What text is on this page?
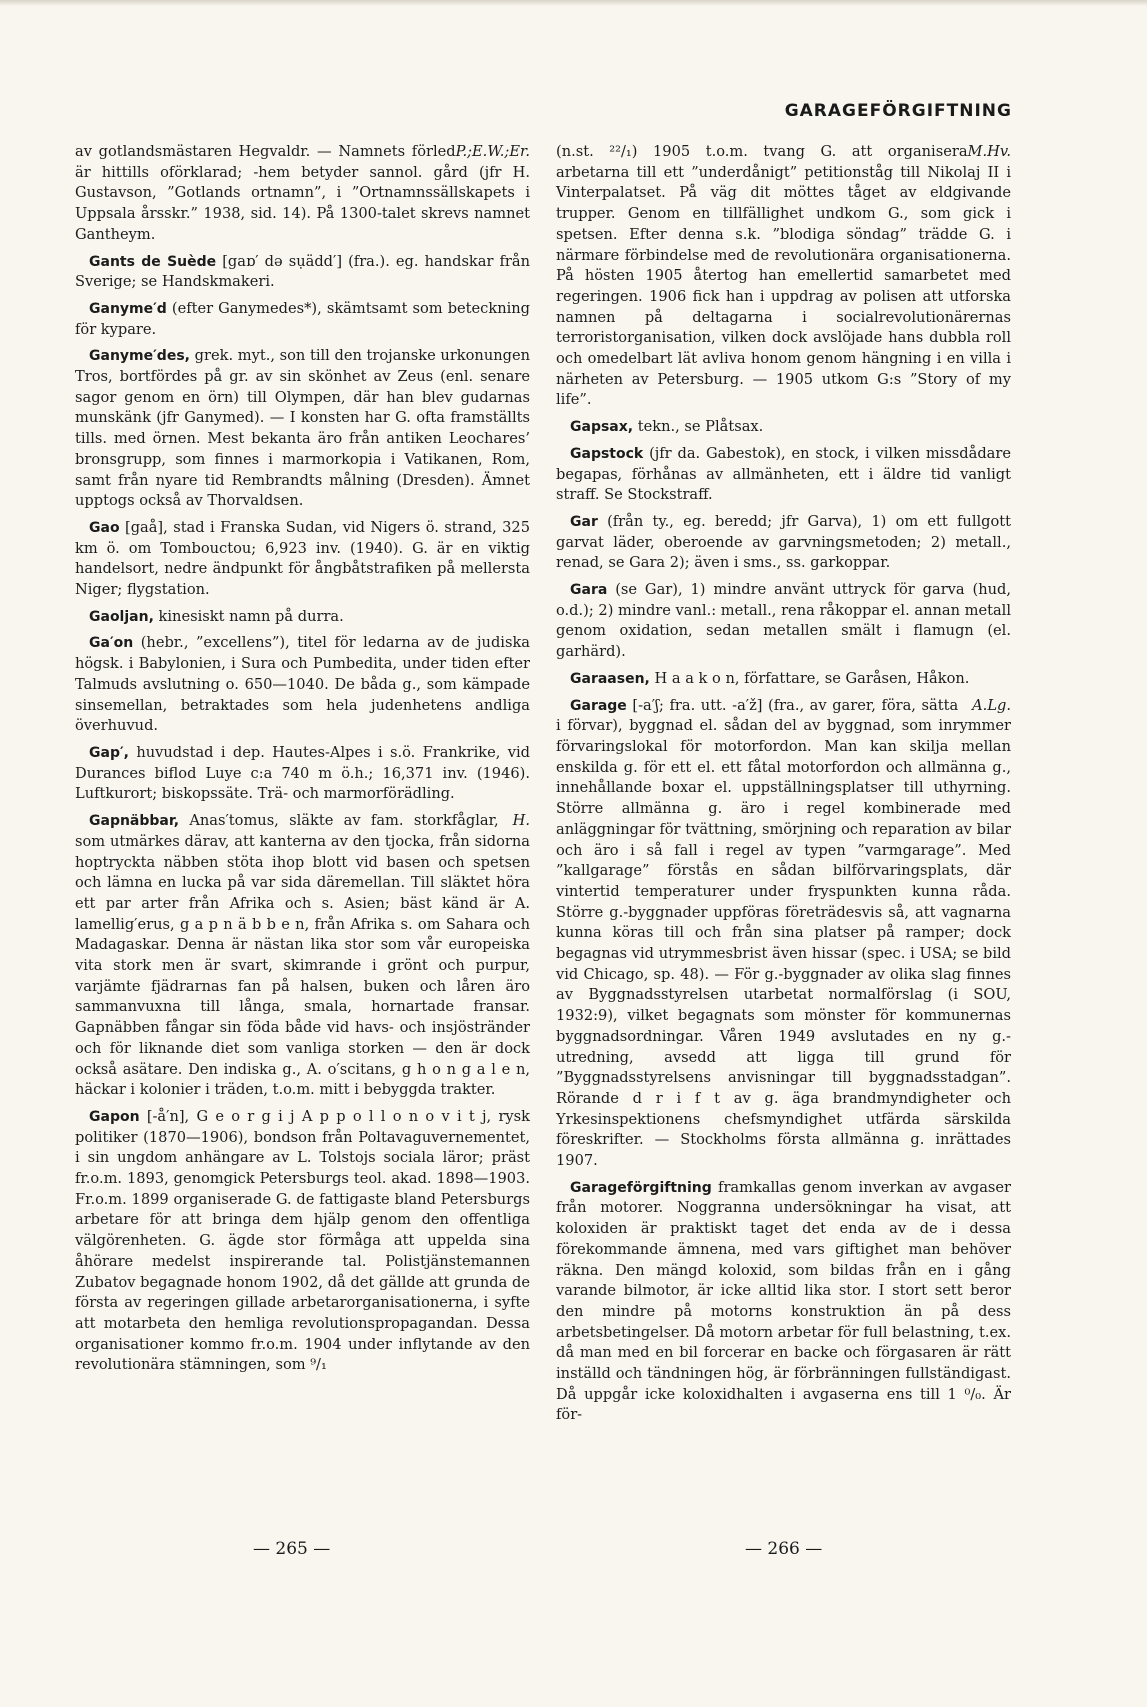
GARAGEFÖRGIFTNING

P.;E.W.;Er.
av gotlandsmästaren Hegvaldr. — Namnets förled är hittills oförklarad; -hem betyder sannol. gård (jfr H. Gustavson, ”Gotlands ortnamn”, i ”Ortnamnssällskapets i Uppsala årsskr.” 1938, sid. 14). På 1300-talet skrevs namnet Gantheym.

Gants de Suède [gaɒ′ də sụädd′] (fra.). eg. handskar från Sverige; se Handskmakeri.

Ganyme′d (efter Ganymedes*), skämtsamt som beteckning för kypare.

Ganyme′des, grek. myt., son till den trojanske urkonungen Tros, bortfördes på gr. av sin skönhet av Zeus (enl. senare sagor genom en örn) till Olympen, där han blev gudarnas munskänk (jfr Ganymed). — I konsten har G. ofta framställts tills. med örnen. Mest bekanta äro från antiken Leochares’ bronsgrupp, som finnes i marmorkopia i Vatikanen, Rom, samt från nyare tid Rembrandts målning (Dresden). Ämnet upptogs också av Thorvaldsen.

Gao [gaå], stad i Franska Sudan, vid Nigers ö. strand, 325 km ö. om Tombouctou; 6,923 inv. (1940). G. är en viktig handelsort, nedre ändpunkt för ångbåtstrafiken på mellersta Niger; flygstation.

Gaoljan, kinesiskt namn på durra.

Ga′on (hebr., ”excellens”), titel för ledarna av de judiska högsk. i Babylonien, i Sura och Pumbedita, under tiden efter Talmuds avslutning o. 650—1040. De båda g., som kämpade sinsemellan, betraktades som hela judenhetens andliga överhuvud.

Gap′, huvudstad i dep. Hautes-Alpes i s.ö. Frankrike, vid Durances biflod Luye c:a 740 m ö.h.; 16,371 inv. (1946). Luftkurort; biskopssäte. Trä- och marmorförädling.

H.
Gapnäbbar, Anas′tomus, släkte av fam. storkfåglar, som utmärkes därav, att kanterna av den tjocka, från sidorna hoptryckta näbben stöta ihop blott vid basen och spetsen och lämna en lucka på var sida däremellan. Till släktet höra ett par arter från Afrika och s. Asien; bäst känd är A. lamellig′erus, g a p n ä b b e n, från Afrika s. om Sahara och Madagaskar. Denna är nästan lika stor som vår europeiska vita stork men är svart, skimrande i grönt och purpur, varjämte fjädrarnas fan på halsen, buken och låren äro sammanvuxna till långa, smala, hornartade fransar. Gapnäbben fångar sin föda både vid havs- och insjöstränder och för liknande diet som vanliga storken — den är dock också asätare. Den indiska g., A. o′scitans, g h o n g a l e n, häckar i kolonier i träden, t.o.m. mitt i bebyggda trakter.

Gapon [-å′n], G e o r g i j A p p o l l o n o v i t j, rysk politiker (1870—1906), bondson från Poltavaguvernementet, i sin ungdom anhängare av L. Tolstojs sociala läror; präst fr.o.m. 1893, genomgick Petersburgs teol. akad. 1898—1903. Fr.o.m. 1899 organiserade G. de fattigaste bland Petersburgs arbetare för att bringa dem hjälp genom den offentliga välgörenheten. G. ägde stor förmåga att uppelda sina åhörare medelst inspirerande tal. Polistjänstemannen Zubatov begagnade honom 1902, då det gällde att grunda de första av regeringen gillade arbetarorganisationerna, i syfte att motarbeta den hemliga revolutionspropagandan. Dessa organisationer kommo fr.o.m. 1904 under inflytande av den revolutionära stämningen, som ⁹/₁

M.Hv.
(n.st. ²²/₁) 1905 t.o.m. tvang G. att organisera arbetarna till ett ”underdånigt” petitionståg till Nikolaj II i Vinterpalatset. På väg dit möttes tåget av eldgivande trupper. Genom en tillfällighet undkom G., som gick i spetsen. Efter denna s.k. ”blodiga söndag” trädde G. i närmare förbindelse med de revolutionära organisationerna. På hösten 1905 återtog han emellertid samarbetet med regeringen. 1906 fick han i uppdrag av polisen att utforska namnen på deltagarna i socialrevolutionärernas terroristorganisation, vilken dock avslöjade hans dubbla roll och omedelbart lät avliva honom genom hängning i en villa i närheten av Petersburg. — 1905 utkom G:s ”Story of my life”.

Gapsax, tekn., se Plåtsax.

Gapstock (jfr da. Gabestok), en stock, i vilken missdådare begapas, förhånas av allmänheten, ett i äldre tid vanligt straff. Se Stockstraff.

Gar (från ty., eg. beredd; jfr Garva), 1) om ett fullgott garvat läder, oberoende av garvningsmetoden; 2) metall., renad, se Gara 2); även i sms., ss. garkoppar.

Gara (se Gar), 1) mindre använt uttryck för garva (hud, o.d.); 2) mindre vanl.: metall., rena råkoppar el. annan metall genom oxidation, sedan metallen smält i flamugn (el. garhärd).

Garaasen, H a a k o n, författare, se Garåsen, Håkon.

A.Lg.
Garage [-a′ʃ; fra. utt. -a′ž] (fra., av garer, föra, sätta i förvar), byggnad el. sådan del av byggnad, som inrymmer förvaringslokal för motorfordon. Man kan skilja mellan enskilda g. för ett el. ett fåtal motorfordon och allmänna g., innehållande boxar el. uppställningsplatser till uthyrning. Större allmänna g. äro i regel kombinerade med anläggningar för tvättning, smörjning och reparation av bilar och äro i så fall i regel av typen ”varmgarage”. Med ”kallgarage” förstås en sådan bilförvaringsplats, där vintertid temperaturer under fryspunkten kunna råda. Större g.-byggnader uppföras företrädesvis så, att vagnarna kunna köras till och från sina platser på ramper; dock begagnas vid utrymmesbrist även hissar (spec. i USA; se bild vid Chicago, sp. 48). — För g.-byggnader av olika slag finnes av Byggnadsstyrelsen utarbetat normalförslag (i SOU, 1932:9), vilket begagnats som mönster för kommunernas byggnadsordningar. Våren 1949 avslutades en ny g.-utredning, avsedd att ligga till grund för ”Byggnadsstyrelsens anvisningar till byggnadsstadgan”. Rörande d r i f t av g. äga brandmyndigheter och Yrkesinspektionens chefsmyndighet utfärda särskilda föreskrifter. — Stockholms första allmänna g. inrättades 1907.

Garageförgiftning framkallas genom inverkan av avgaser från motorer. Noggranna undersökningar ha visat, att koloxiden är praktiskt taget det enda av de i dessa förekommande ämnena, med vars giftighet man behöver räkna. Den mängd koloxid, som bildas från en i gång varande bilmotor, är icke alltid lika stor. I stort sett beror den mindre på motorns konstruktion än på dess arbetsbetingelser. Då motorn arbetar för full belastning, t.ex. då man med en bil forcerar en backe och förgasaren är rätt inställd och tändningen hög, är förbränningen fullständigast. Då uppgår icke koloxidhalten i avgaserna ens till 1 ⁰/₀. Är för-

— 265 —	— 266 —
